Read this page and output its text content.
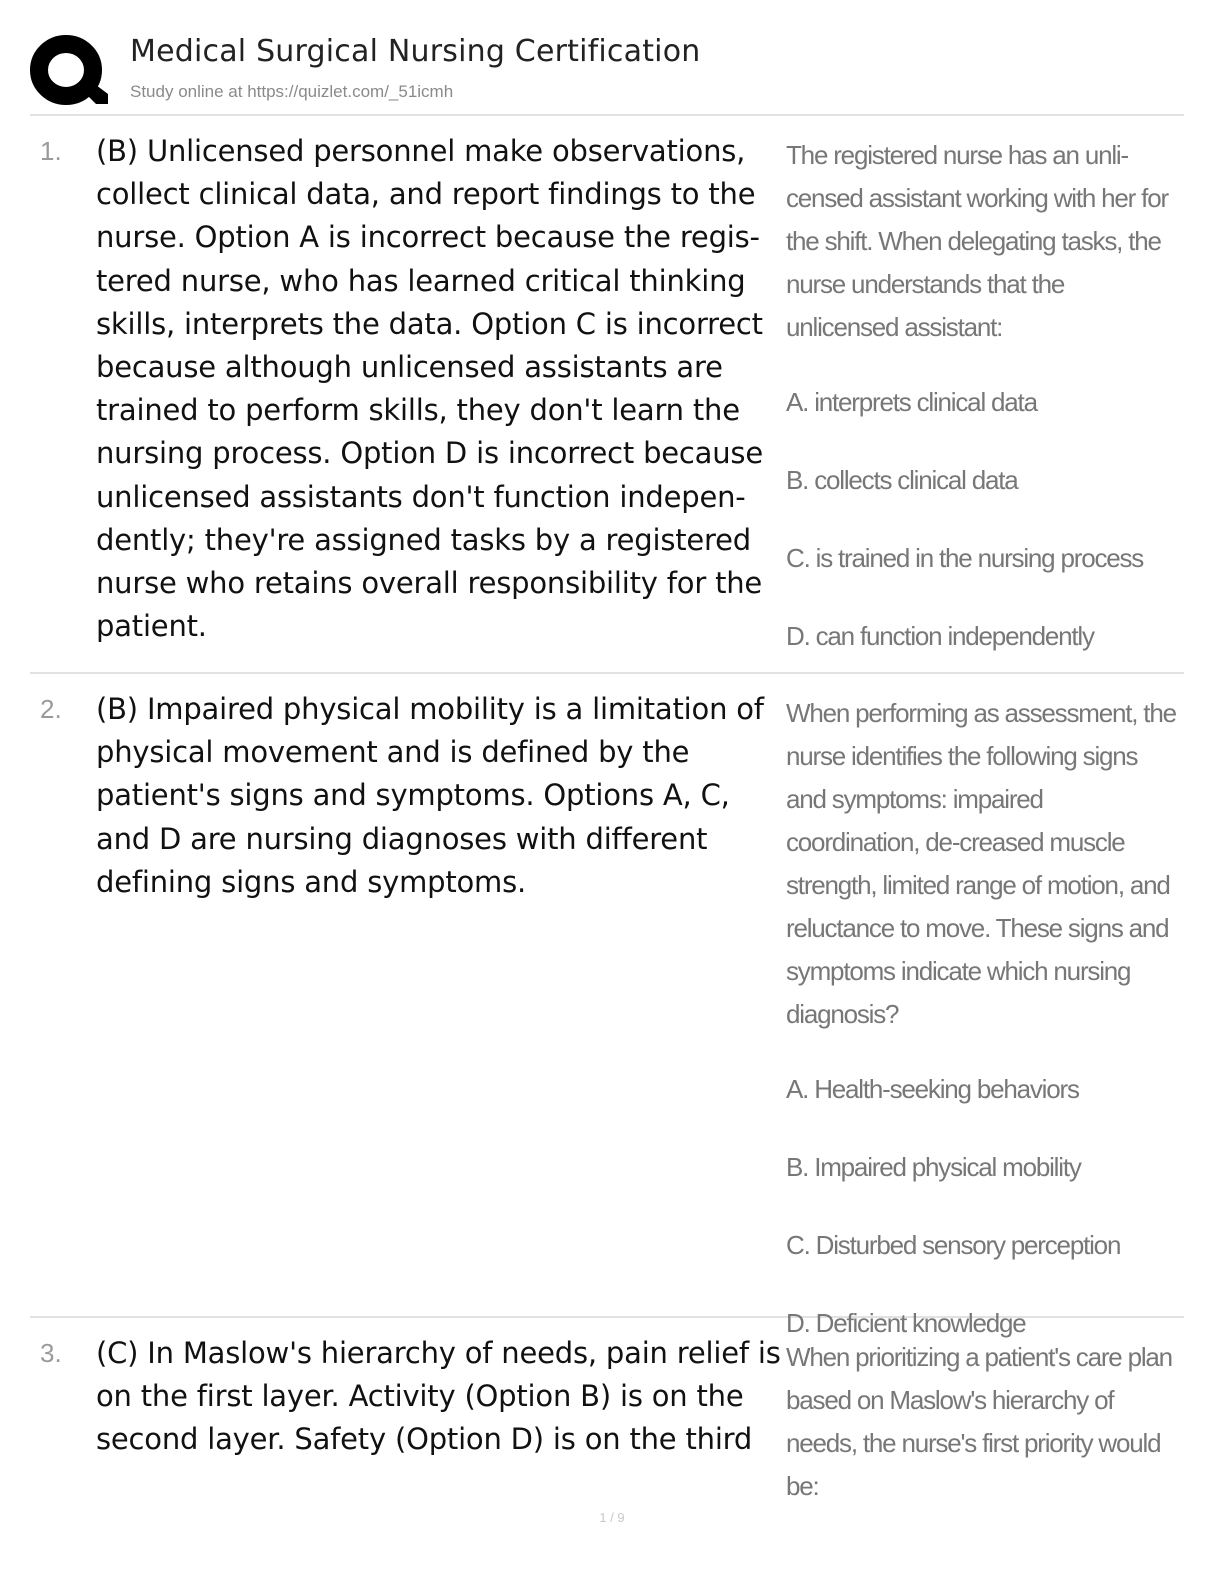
Medical Surgical Nursing Certification
Study online at https://quizlet.com/_51icmh
1. (B) Unlicensed personnel make observations, collect clinical data, and report findings to the nurse. Option A is incorrect because the regis-tered nurse, who has learned critical thinking skills, interprets the data. Option C is incorrect because although unlicensed assistants are trained to perform skills, they don't learn the nursing process. Option D is incorrect because unlicensed assistants don't function indepen-dently; they're assigned tasks by a registered nurse who retains overall responsibility for the patient.
The registered nurse has an unli-censed assistant working with her for the shift. When delegating tasks, the nurse understands that the unlicensed assistant:
A. interprets clinical data
B. collects clinical data
C. is trained in the nursing process
D. can function independently
2. (B) Impaired physical mobility is a limitation of physical movement and is defined by the patient's signs and symptoms. Options A, C, and D are nursing diagnoses with different defining signs and symptoms.
When performing as assessment, the nurse identifies the following signs and symptoms: impaired coordination, de-creased muscle strength, limited range of motion, and reluctance to move. These signs and symptoms indicate which nursing diagnosis?
A. Health-seeking behaviors
B. Impaired physical mobility
C. Disturbed sensory perception
D. Deficient knowledge
3. (C) In Maslow's hierarchy of needs, pain relief is on the first layer. Activity (Option B) is on the second layer. Safety (Option D) is on the third
When prioritizing a patient's care plan based on Maslow's hierarchy of needs, the nurse's first priority would be:
1 / 9
